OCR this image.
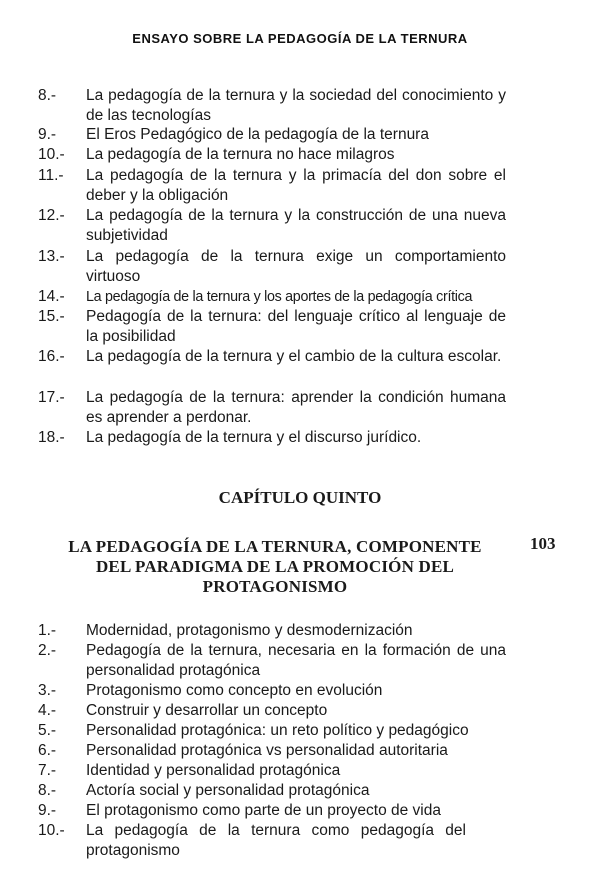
ENSAYO SOBRE LA PEDAGOGÍA DE LA TERNURA
8.-	La pedagogía de la ternura y la sociedad del conocimiento y de las tecnologías
9.-	El Eros Pedagógico de la pedagogía de la ternura
10.-	La pedagogía de la ternura no hace milagros
11.-	La pedagogía de la ternura y la primacía del don sobre el deber y la obligación
12.-	La pedagogía de la ternura y la construcción de una nueva subjetividad
13.-	La pedagogía de la ternura exige un comportamiento virtuoso
14.-	La pedagogía de la ternura y los aportes de la pedagogía crítica
15.-	Pedagogía de la ternura: del lenguaje crítico al lenguaje de la posibilidad
16.-	La pedagogía de la ternura y el cambio de la cultura escolar.
17.-	La pedagogía de la ternura: aprender la condición humana es aprender a perdonar.
18.-	La pedagogía de la ternura y el discurso jurídico.
CAPÍTULO QUINTO
LA PEDAGOGÍA DE LA TERNURA, COMPONENTE DEL PARADIGMA DE LA PROMOCIÓN DEL PROTAGONISMO
103
1.-	Modernidad, protagonismo y desmodernización
2.-	Pedagogía de la ternura, necesaria en la formación de una personalidad protagónica
3.-	Protagonismo como concepto en evolución
4.-	Construir y desarrollar un concepto
5.-	Personalidad protagónica: un reto político y pedagógico
6.-	Personalidad protagónica vs personalidad autoritaria
7.-	Identidad y personalidad protagónica
8.-	Actoría social y personalidad protagónica
9.-	El protagonismo como parte de un proyecto de vida
10.-	La pedagogía de la ternura como pedagogía del protagonismo
